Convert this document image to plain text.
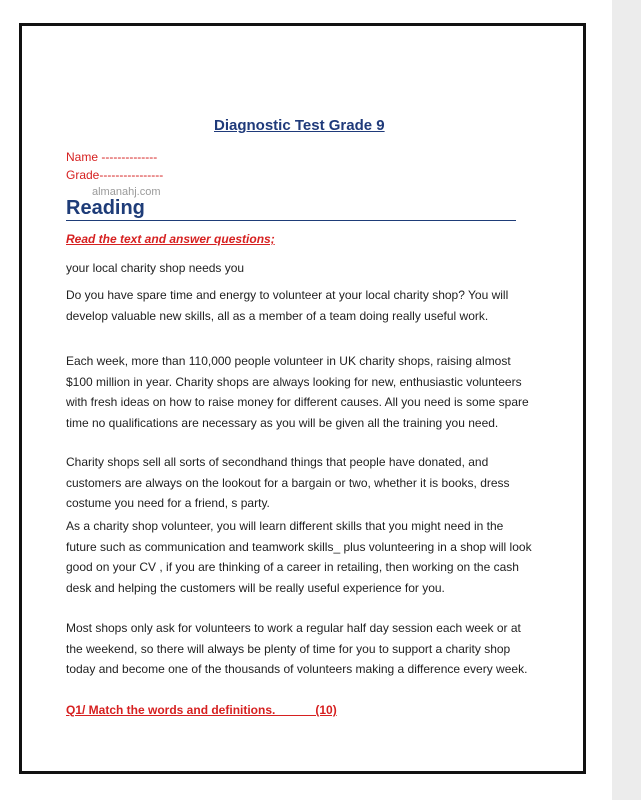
Diagnostic Test Grade 9

Name --------------

Grade----------------

almanahj.com
Reading

Read the text and answer questions;

your local charity shop needs you

Do you have spare time and energy to volunteer at your local charity shop? You will develop valuable new skills, all as a member of a team doing really useful work.

Each week, more than 110,000 people volunteer in UK charity shops, raising almost $100 million in year. Charity shops are always looking for new, enthusiastic volunteers with fresh ideas on how to raise money for different causes. All you need is some spare time no qualifications are necessary as you will be given all the training you need.

Charity shops sell all sorts of secondhand things that people have donated, and customers are always on the lookout for a bargain or two, whether it is books, dress costume you need for a friend, s party.

As a charity shop volunteer, you will learn different skills that you might need in the future such as communication and teamwork skills_ plus volunteering in a shop will look good on your CV , if you are thinking of a career in retailing, then working on the cash desk and helping the customers will be really useful experience for you.

Most shops only ask for volunteers to work a regular half day session each week or at the weekend, so there will always be plenty of time for you to support a charity shop today and become one of the thousands of volunteers making a difference every week.

Q1/ Match the words and definitions.            (10)
